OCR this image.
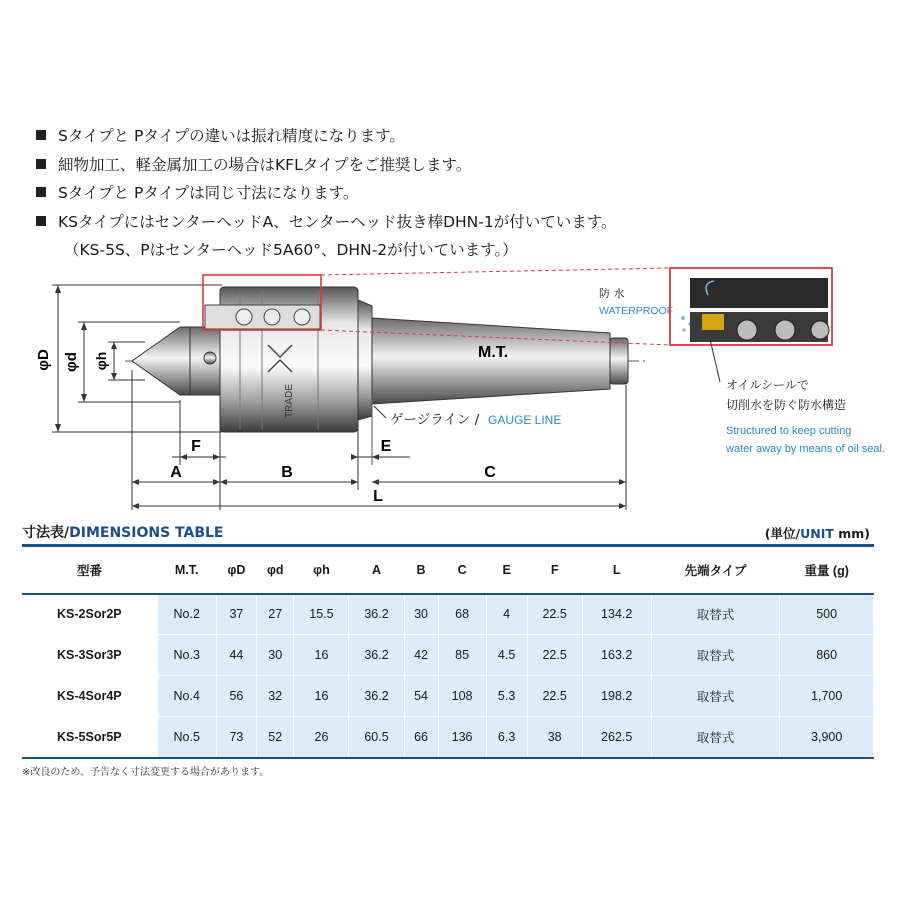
Sタイプと Pタイプの違いは振れ精度になります。
細物加工、軽金属加工の場合はKFLタイプをご推奨します。
Sタイプと Pタイプは同じ寸法になります。
KSタイプにはセンターヘッドA、センターヘッド抜き棒DHN-1が付いています。
（KS-5S、Pはセンターヘッド5A60°、DHN-2が付いています。）
φD φd φh
TRADE
M.T.
ゲージライン / GAUGE LINE
F
A	B
E
C
L
防 水
WATERPROOF
オイルシールで
切削水を防ぐ防水構造
Structured to keep cutting
water away by means of oil seal.
寸法表/DIMENSIONS TABLE	(単位/UNIT mm)
型番	M.T.	φD	φd	φh	A	B	C	E	F	L	先端タイプ	重量 (g)
KS-2Sor2P	No.2	37	27	15.5	36.2	30	68	4	22.5	134.2	取替式	500
KS-3Sor3P	No.3	44	30	16	36.2	42	85	4.5	22.5	163.2	取替式	860
KS-4Sor4P	No.4	56	32	16	36.2	54	108	5.3	22.5	198.2	取替式	1,700
KS-5Sor5P	No.5	73	52	26	60.5	66	136	6.3	38	262.5	取替式	3,900
※改良のため、予告なく寸法変更する場合があります。
